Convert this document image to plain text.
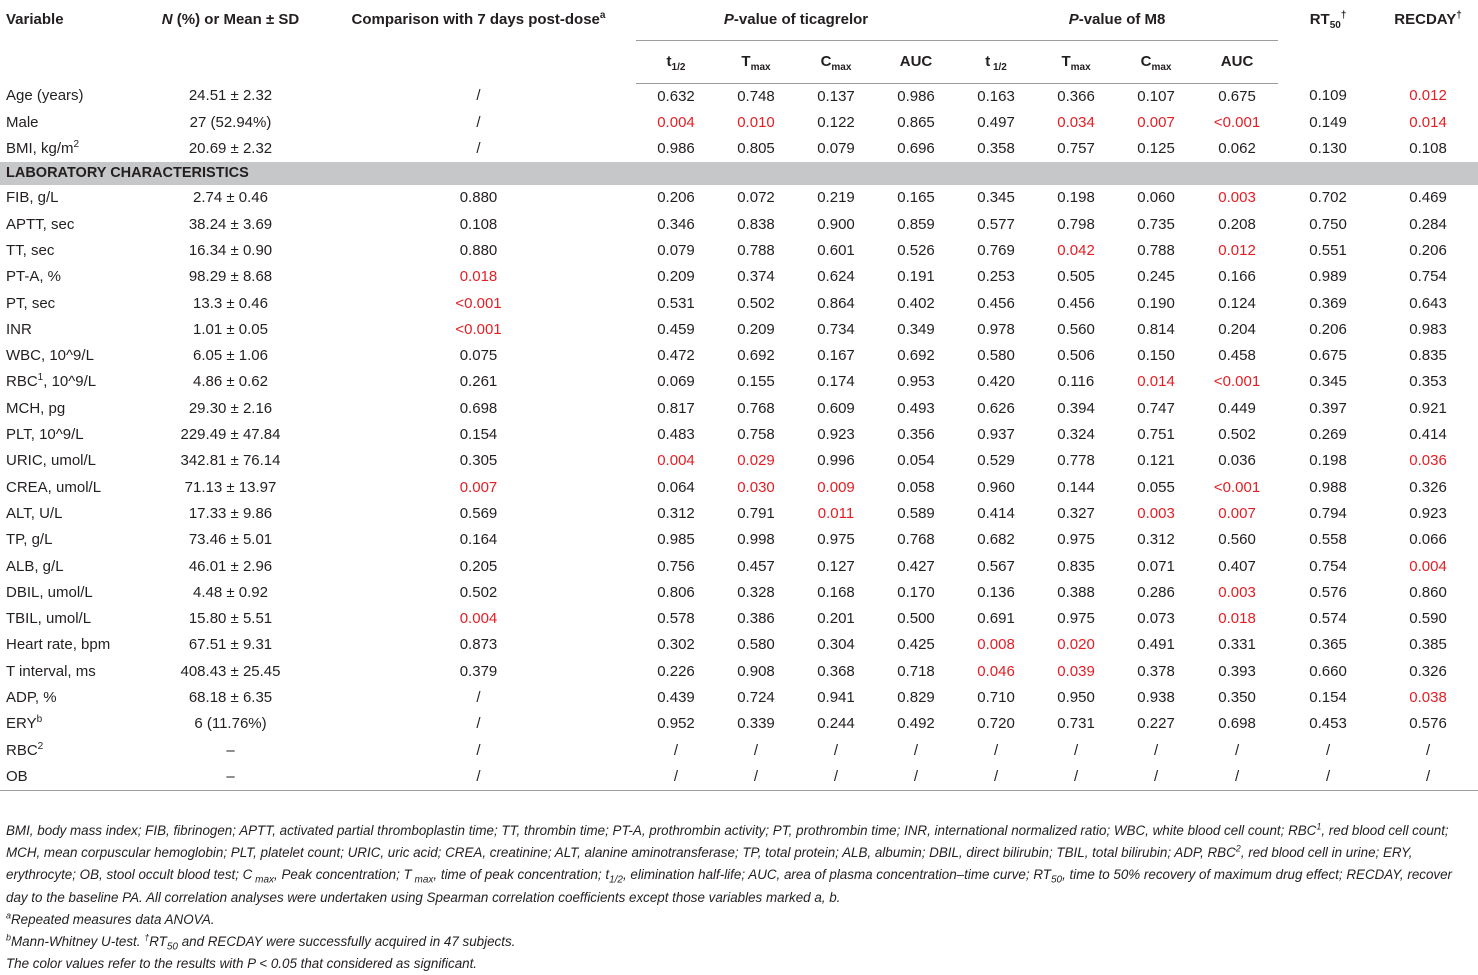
Variable	N (%) or Mean ± SD	Comparison with 7 days post-dose$^a$	P-value of ticagrelor				P-value of M8				$RT_{50}^\dagger$	RECDAY†
			$t_{1/2}$	$T_{max}$	$C_{max}$	AUC	t $_{1/2}$	$T_{max}$	$C_{max}$	AUC		
Age (years)	24.51 ± 2.32	/	0.632	0.748	0.137	0.986	0.163	0.366	0.107	0.675	0.109	0.012
Male	27 (52.94%)	/	0.004	0.010	0.122	0.865	0.497	0.034	0.007	<0.001	0.149	0.014
BMI, $kg/m^2$	20.69 ± 2.32	/	0.986	0.805	0.079	0.696	0.358	0.757	0.125	0.062	0.130	0.108
LABORATORY CHARACTERISTICS												
FIB, g/L	2.74 ± 0.46	0.880	0.206	0.072	0.219	0.165	0.345	0.198	0.060	0.003	0.702	0.469
APTT, sec	38.24 ± 3.69	0.108	0.346	0.838	0.900	0.859	0.577	0.798	0.735	0.208	0.750	0.284
TT, sec	16.34 ± 0.90	0.880	0.079	0.788	0.601	0.526	0.769	0.042	0.788	0.012	0.551	0.206
PT-A, %	98.29 ± 8.68	0.018	0.209	0.374	0.624	0.191	0.253	0.505	0.245	0.166	0.989	0.754
PT, sec	13.3 ± 0.46	<0.001	0.531	0.502	0.864	0.402	0.456	0.456	0.190	0.124	0.369	0.643
INR	1.01 ± 0.05	<0.001	0.459	0.209	0.734	0.349	0.978	0.560	0.814	0.204	0.206	0.983
WBC, 10^9/L	6.05 ± 1.06	0.075	0.472	0.692	0.167	0.692	0.580	0.506	0.150	0.458	0.675	0.835
RBC$^1$, 10^9/L	4.86 ± 0.62	0.261	0.069	0.155	0.174	0.953	0.420	0.116	0.014	<0.001	0.345	0.353
MCH, pg	29.30 ± 2.16	0.698	0.817	0.768	0.609	0.493	0.626	0.394	0.747	0.449	0.397	0.921
PLT, 10^9/L	229.49 ± 47.84	0.154	0.483	0.758	0.923	0.356	0.937	0.324	0.751	0.502	0.269	0.414
URIC, umol/L	342.81 ± 76.14	0.305	0.004	0.029	0.996	0.054	0.529	0.778	0.121	0.036	0.198	0.036
CREA, umol/L	71.13 ± 13.97	0.007	0.064	0.030	0.009	0.058	0.960	0.144	0.055	<0.001	0.988	0.326
ALT, U/L	17.33 ± 9.86	0.569	0.312	0.791	0.011	0.589	0.414	0.327	0.003	0.007	0.794	0.923
TP, g/L	73.46 ± 5.01	0.164	0.985	0.998	0.975	0.768	0.682	0.975	0.312	0.560	0.558	0.066
ALB, g/L	46.01 ± 2.96	0.205	0.756	0.457	0.127	0.427	0.567	0.835	0.071	0.407	0.754	0.004
DBIL, umol/L	4.48 ± 0.92	0.502	0.806	0.328	0.168	0.170	0.136	0.388	0.286	0.003	0.576	0.860
TBIL, umol/L	15.80 ± 5.51	0.004	0.578	0.386	0.201	0.500	0.691	0.975	0.073	0.018	0.574	0.590
Heart rate, bpm	67.51 ± 9.31	0.873	0.302	0.580	0.304	0.425	0.008	0.020	0.491	0.331	0.365	0.385
T interval, ms	408.43 ± 25.45	0.379	0.226	0.908	0.368	0.718	0.046	0.039	0.378	0.393	0.660	0.326
ADP, %	68.18 ± 6.35	/	0.439	0.724	0.941	0.829	0.710	0.950	0.938	0.350	0.154	0.038
ERY$^b$	6 (11.76%)	/	0.952	0.339	0.244	0.492	0.720	0.731	0.227	0.698	0.453	0.576
RBC$^2$	–	/	/	/	/	/	/	/	/	/	/	/
OB	–	/	/	/	/	/	/	/	/	/	/	/

BMI, body mass index; FIB, fibrinogen; APTT, activated partial thromboplastin time; TT, thrombin time; PT-A, prothrombin activity; PT, prothrombin time; INR, international normalized ratio; WBC, white blood cell count; RBC$^1$, red blood cell count; MCH, mean corpuscular hemoglobin; PLT, platelet count; URIC, uric acid; CREA, creatinine; ALT, alanine aminotransferase; TP, total protein; ALB, albumin; DBIL, direct bilirubin; TBIL, total bilirubin; ADP, RBC$^2$, red blood cell in urine; ERY, erythrocyte; OB, stool occult blood test; C $_{max}$, Peak concentration; T $_{max}$, time of peak concentration; $t_{1/2}$, elimination half-life; AUC, area of plasma concentration–time curve; $RT_{50}$, time to 50% recovery of maximum drug effect; RECDAY, recover day to the baseline PA. All correlation analyses were undertaken using Spearman correlation coefficients except those variables marked a, b.

$^a$Repeated measures data ANOVA.

$^b$Mann-Whitney U-test. $^\dagger RT_{50}$ and RECDAY were successfully acquired in 47 subjects.

The color values refer to the results with P < 0.05 that considered as significant.
